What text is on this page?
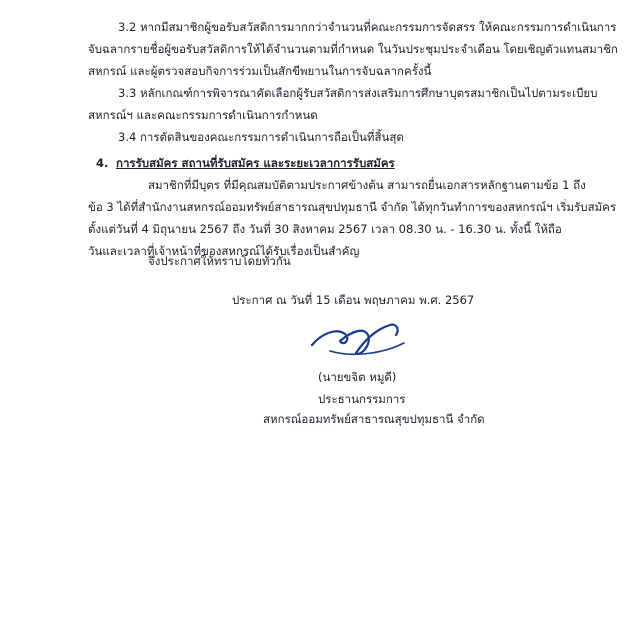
3.2 หากมีสมาชิกผู้ขอรับสวัสดิการมากกว่าจำนวนที่คณะกรรมการจัดสรร ให้คณะกรรมการดำเนินการ
จับฉลากรายชื่อผู้ขอรับสวัสดิการให้ได้จำนวนตามที่กำหนด ในวันประชุมประจำเดือน โดยเชิญตัวแทนสมาชิก
สหกรณ์ และผู้ตรวจสอบกิจการร่วมเป็นสักขีพยานในการจับฉลากครั้งนี้
3.3 หลักเกณฑ์การพิจารณาคัดเลือกผู้รับสวัสดิการส่งเสริมการศึกษาบุตรสมาชิกเป็นไปตามระเบียบ
สหกรณ์ฯ และคณะกรรมการดำเนินการกำหนด
3.4 การตัดสินของคณะกรรมการดำเนินการถือเป็นที่สิ้นสุด
4. การรับสมัคร สถานที่รับสมัคร และระยะเวลาการรับสมัคร
สมาชิกที่มีบุตร ที่มีคุณสมบัติตามประกาศข้างต้น สามารถยื่นเอกสารหลักฐานตามข้อ 1 ถึง
ข้อ 3 ได้ที่สำนักงานสหกรณ์ออมทรัพย์สาธารณสุขปทุมธานี จำกัด ได้ทุกวันทำการของสหกรณ์ฯ เริ่มรับสมัคร
ตั้งแต่วันที่ 4 มิถุนายน 2567 ถึง วันที่ 30 สิงหาคม 2567 เวลา 08.30 น. - 16.30 น. ทั้งนี้ ให้ถือ
วันและเวลาที่เจ้าหน้าที่ของสหกรณ์ได้รับเรื่องเป็นสำคัญ
จึงประกาศให้ทราบโดยทั่วกัน
ประกาศ ณ วันที่ 15 เดือน พฤษภาคม พ.ศ. 2567
(นายขจิต หมูดี)
ประธานกรรมการ
สหกรณ์ออมทรัพย์สาธารณสุขปทุมธานี จำกัด
